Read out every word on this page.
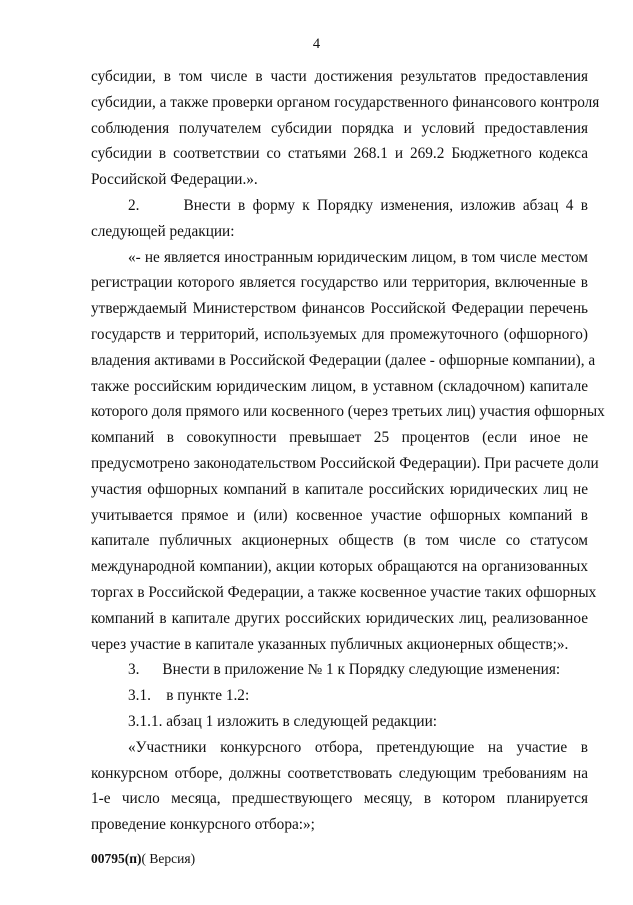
4
субсидии, в том числе в части достижения результатов предоставления
субсидии, а также проверки органом государственного финансового контроля
соблюдения получателем субсидии порядка и условий предоставления
субсидии в соответствии со статьями 268.1 и 269.2 Бюджетного кодекса
Российской Федерации.».
2.      Внести в форму к Порядку изменения, изложив абзац 4 в
следующей редакции:
«- не является иностранным юридическим лицом, в том числе местом
регистрации которого является государство или территория, включенные в
утверждаемый Министерством финансов Российской Федерации перечень
государств и территорий, используемых для промежуточного (офшорного)
владения активами в Российской Федерации (далее - офшорные компании), а
также российским юридическим лицом, в уставном (складочном) капитале
которого доля прямого или косвенного (через третьих лиц) участия офшорных
компаний в совокупности превышает 25 процентов (если иное не
предусмотрено законодательством Российской Федерации). При расчете доли
участия офшорных компаний в капитале российских юридических лиц не
учитывается прямое и (или) косвенное участие офшорных компаний в
капитале публичных акционерных обществ (в том числе со статусом
международной компании), акции которых обращаются на организованных
торгах в Российской Федерации, а также косвенное участие таких офшорных
компаний в капитале других российских юридических лиц, реализованное
через участие в капитале указанных публичных акционерных обществ;».
3.      Внести в приложение № 1 к Порядку следующие изменения:
3.1.    в пункте 1.2:
3.1.1. абзац 1 изложить в следующей редакции:
«Участники конкурсного отбора, претендующие на участие в
конкурсном отборе, должны соответствовать следующим требованиям на
1-е число месяца, предшествующего месяцу, в котором планируется
проведение конкурсного отбора:»;
00795(п)( Версия)
